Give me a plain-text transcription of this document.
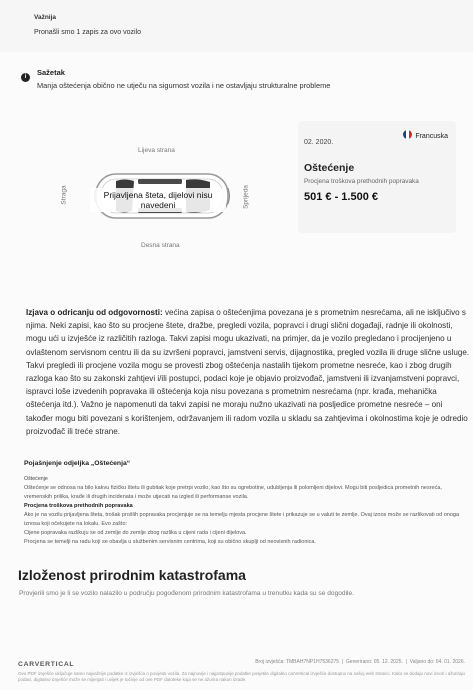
Važnija
Pronašli smo 1 zapis za ovo vozilo
i	Sažetak
Manja oštećenja obično ne utječu na sigurnost vozila i ne ostavljaju strukturalne probleme
Lijeva strana
Desna strana
Straga	Sprijeda
Prijavljena šteta, dijelovi nisu navedeni
02. 2020.
Francuska
Oštećenje
Procjena troškova prethodnih popravaka
501 € - 1.500 €
Izjava o odricanju od odgovornosti: većina zapisa o oštećenjima povezana je s prometnim nesrećama, ali ne isključivo s njima. Neki zapisi, kao što su procjene štete, dražbe, pregledi vozila, popravci i drugi slični događaji, radnje ili okolnosti, mogu ući u izvješće iz različitih razloga. Takvi zapisi mogu ukazivati, na primjer, da je vozilo pregledano i procijenjeno u ovlaštenom servisnom centru ili da su izvršeni popravci, jamstveni servis, dijagnostika, pregled vozila ili druge slične usluge. Takvi pregledi ili procjene vozila mogu se provesti zbog oštećenja nastalih tijekom prometne nesreće, kao i zbog drugih razloga kao što su zakonski zahtjevi i/ili postupci, podaci koje je objavio proizvođač, jamstveni ili izvanjamstveni popravci, ispravci loše izvedenih popravaka ili oštećenja koja nisu povezana s prometnim nesrećama (npr. krađa, mehanička oštećenja itd.). Važno je napomenuti da takvi zapisi ne moraju nužno ukazivati na posljedice prometne nesreće – oni također mogu biti povezani s korištenjem, održavanjem ili radom vozila u skladu sa zahtjevima i okolnostima koje je odredio proizvođač ili treće strane.
Pojašnjenje odjeljka „Oštećenja“
Oštećenje
Oštećenje se odnosa na bilo kakvu fizičku štetu ili gubitak koje pretrpi vozilo, kao što su ogrebotine, udubljenja ili polomljeni dijelovi. Mogu biti posljedica prometnih nesreća, vremenskih prilika, krađe ili drugih incidenata i može utjecati na izgled ili performanse vozila.
Procjena troškova prethodnih popravaka
Ako je na vozilu prijavljena šteta, trošak prošlih popravaka procjenjuje se na temelju mjesta procjene štete i prikazuje se u valuti te zemlje. Ovaj iznos može se razlikovati od onoga iznosa koji očekujete na lokalu. Evo zašto:
Cijene popravaka razlikuju se od zemlje do zemlje zbog razlika u cijeni rada i cijeni dijelova.
Procjena se temelji na radu koji se obavlja u službenim servisnim centrima, koji su obično skuplji od neovisnih radionica.
Izloženost prirodnim katastrofama
Provjerili smo je li se vozilo nalazilo u području pogođenom prirodnim katastrofama u trenutku kada su se dogodile.
CARVERTICAL	Broj izvješća: TMBAH7NP1H7536275  |  Generirano: 05. 12. 2025.  |  Valjano do: 04. 01. 2026.
Ovo PDF izvješće uključuje samo najvažnije podatke iz izvješća o povijesti vozila. Za najnovije i najpotpunije podatke posjetite digitalno carVertical izvješće dostupno na našoj web stranici. Kako se dodaju novi izvori i ažuriraju podaci, digitalno izvješće može se mijenjati i uvijek je točnije od ove PDF datoteke koja se ne ažurira nakon izrade.
